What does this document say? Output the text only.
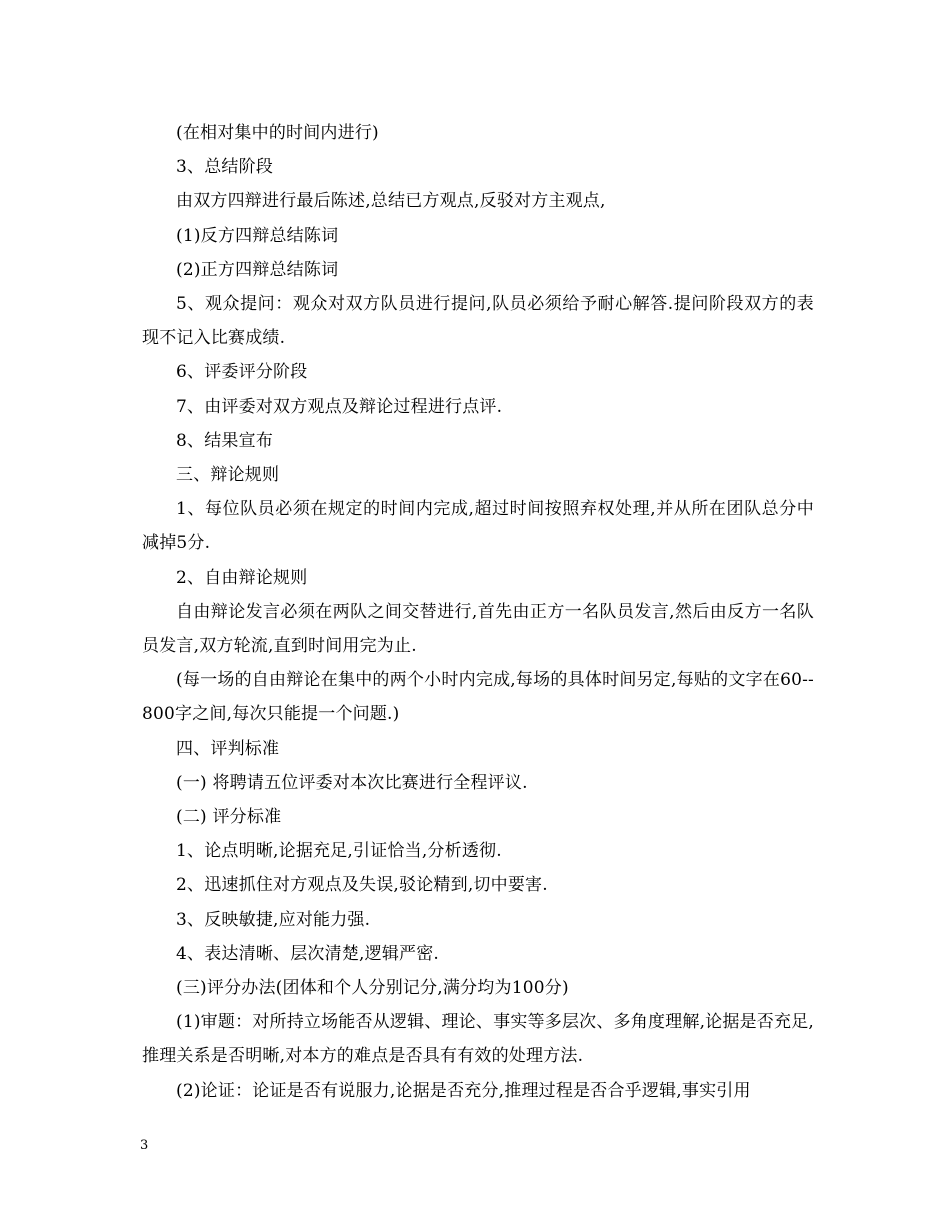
(在相对集中的时间内进行)

3、总结阶段

由双方四辩进行最后陈述,总结已方观点,反驳对方主观点,

(1)反方四辩总结陈词

(2)正方四辩总结陈词

5、观众提问：观众对双方队员进行提问,队员必须给予耐心解答.提问阶段双方的表现不记入比赛成绩.

6、评委评分阶段

7、由评委对双方观点及辩论过程进行点评.

8、结果宣布

三、辩论规则

1、每位队员必须在规定的时间内完成,超过时间按照弃权处理,并从所在团队总分中减掉5分.

2、自由辩论规则

自由辩论发言必须在两队之间交替进行,首先由正方一名队员发言,然后由反方一名队员发言,双方轮流,直到时间用完为止.

(每一场的自由辩论在集中的两个小时内完成,每场的具体时间另定,每贴的文字在60--800字之间,每次只能提一个问题.)

四、评判标准

(一) 将聘请五位评委对本次比赛进行全程评议.

(二) 评分标准

1、论点明晰,论据充足,引证恰当,分析透彻.

2、迅速抓住对方观点及失误,驳论精到,切中要害.

3、反映敏捷,应对能力强.

4、表达清晰、层次清楚,逻辑严密.

(三)评分办法(团体和个人分别记分,满分均为100分)

(1)审题：对所持立场能否从逻辑、理论、事实等多层次、多角度理解,论据是否充足,推理关系是否明晰,对本方的难点是否具有有效的处理方法.

(2)论证：论证是否有说服力,论据是否充分,推理过程是否合乎逻辑,事实引用

3
